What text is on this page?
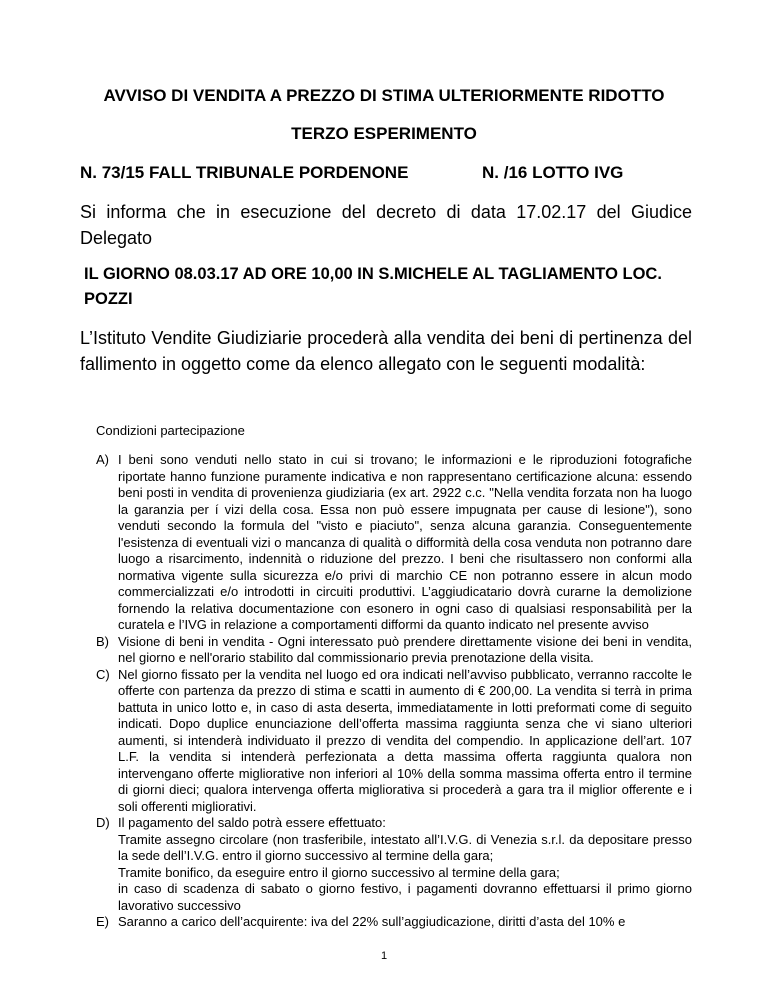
AVVISO DI VENDITA A PREZZO DI STIMA ULTERIORMENTE RIDOTTO
TERZO ESPERIMENTO
N. 73/15 FALL TRIBUNALE PORDENONE	N. /16 LOTTO IVG
Si informa che in esecuzione del decreto di data 17.02.17 del Giudice Delegato
IL GIORNO 08.03.17 AD ORE 10,00 IN S.MICHELE AL TAGLIAMENTO LOC. POZZI
L’Istituto Vendite Giudiziarie procederà alla vendita dei beni di pertinenza del fallimento in oggetto come da elenco allegato con le seguenti modalità:
Condizioni partecipazione
A) I beni sono venduti nello stato in cui si trovano; le informazioni e le riproduzioni fotografiche riportate hanno funzione puramente indicativa e non rappresentano certificazione alcuna: essendo beni posti in vendita di provenienza giudiziaria (ex art. 2922 c.c. "Nella vendita forzata non ha luogo la garanzia per í vizi della cosa. Essa non può essere impugnata per cause di lesione"), sono venduti secondo la formula del "visto e piaciuto", senza alcuna garanzia. Conseguentemente l'esistenza di eventuali vizi o mancanza di qualità o difformità della cosa venduta non potranno dare luogo a risarcimento, indennità o riduzione del prezzo. I beni che risultassero non conformi alla normativa vigente sulla sicurezza e/o privi di marchio CE non potranno essere in alcun modo commercializzati e/o introdotti in circuiti produttivi. L’aggiudicatario dovrà curarne la demolizione fornendo la relativa documentazione con esonero in ogni caso di qualsiasi responsabilità per la curatela e l’IVG in relazione a comportamenti difformi da quanto indicato nel presente avviso
B) Visione di beni in vendita - Ogni interessato può prendere direttamente visione dei beni in vendita, nel giorno e nell'orario stabilito dal commissionario previa prenotazione della visita.
C) Nel giorno fissato per la vendita nel luogo ed ora indicati nell’avviso pubblicato, verranno raccolte le offerte con partenza da prezzo di stima e scatti in aumento di € 200,00. La vendita si terrà in prima battuta in unico lotto e, in caso di asta deserta, immediatamente in lotti preformati come di seguito indicati. Dopo duplice enunciazione dell’offerta massima raggiunta senza che vi siano ulteriori aumenti, si intenderà individuato il prezzo di vendita del compendio. In applicazione dell’art. 107 L.F. la vendita si intenderà perfezionata a detta massima offerta raggiunta qualora non intervengano offerte migliorative non inferiori al 10% della somma massima offerta entro il termine di giorni dieci; qualora intervenga offerta migliorativa si procederà a gara tra il miglior offerente e i soli offerenti migliorativi.
D) Il pagamento del saldo potrà essere effettuato:
Tramite assegno circolare (non trasferibile, intestato all’I.V.G. di Venezia s.r.l. da depositare presso la sede dell’I.V.G. entro il giorno successivo al termine della gara;
Tramite bonifico, da eseguire entro il giorno successivo al termine della gara;
in caso di scadenza di sabato o giorno festivo, i pagamenti dovranno effettuarsi il primo giorno lavorativo successivo
E) Saranno a carico dell’acquirente: iva del 22% sull’aggiudicazione, diritti d’asta del 10% e
1
